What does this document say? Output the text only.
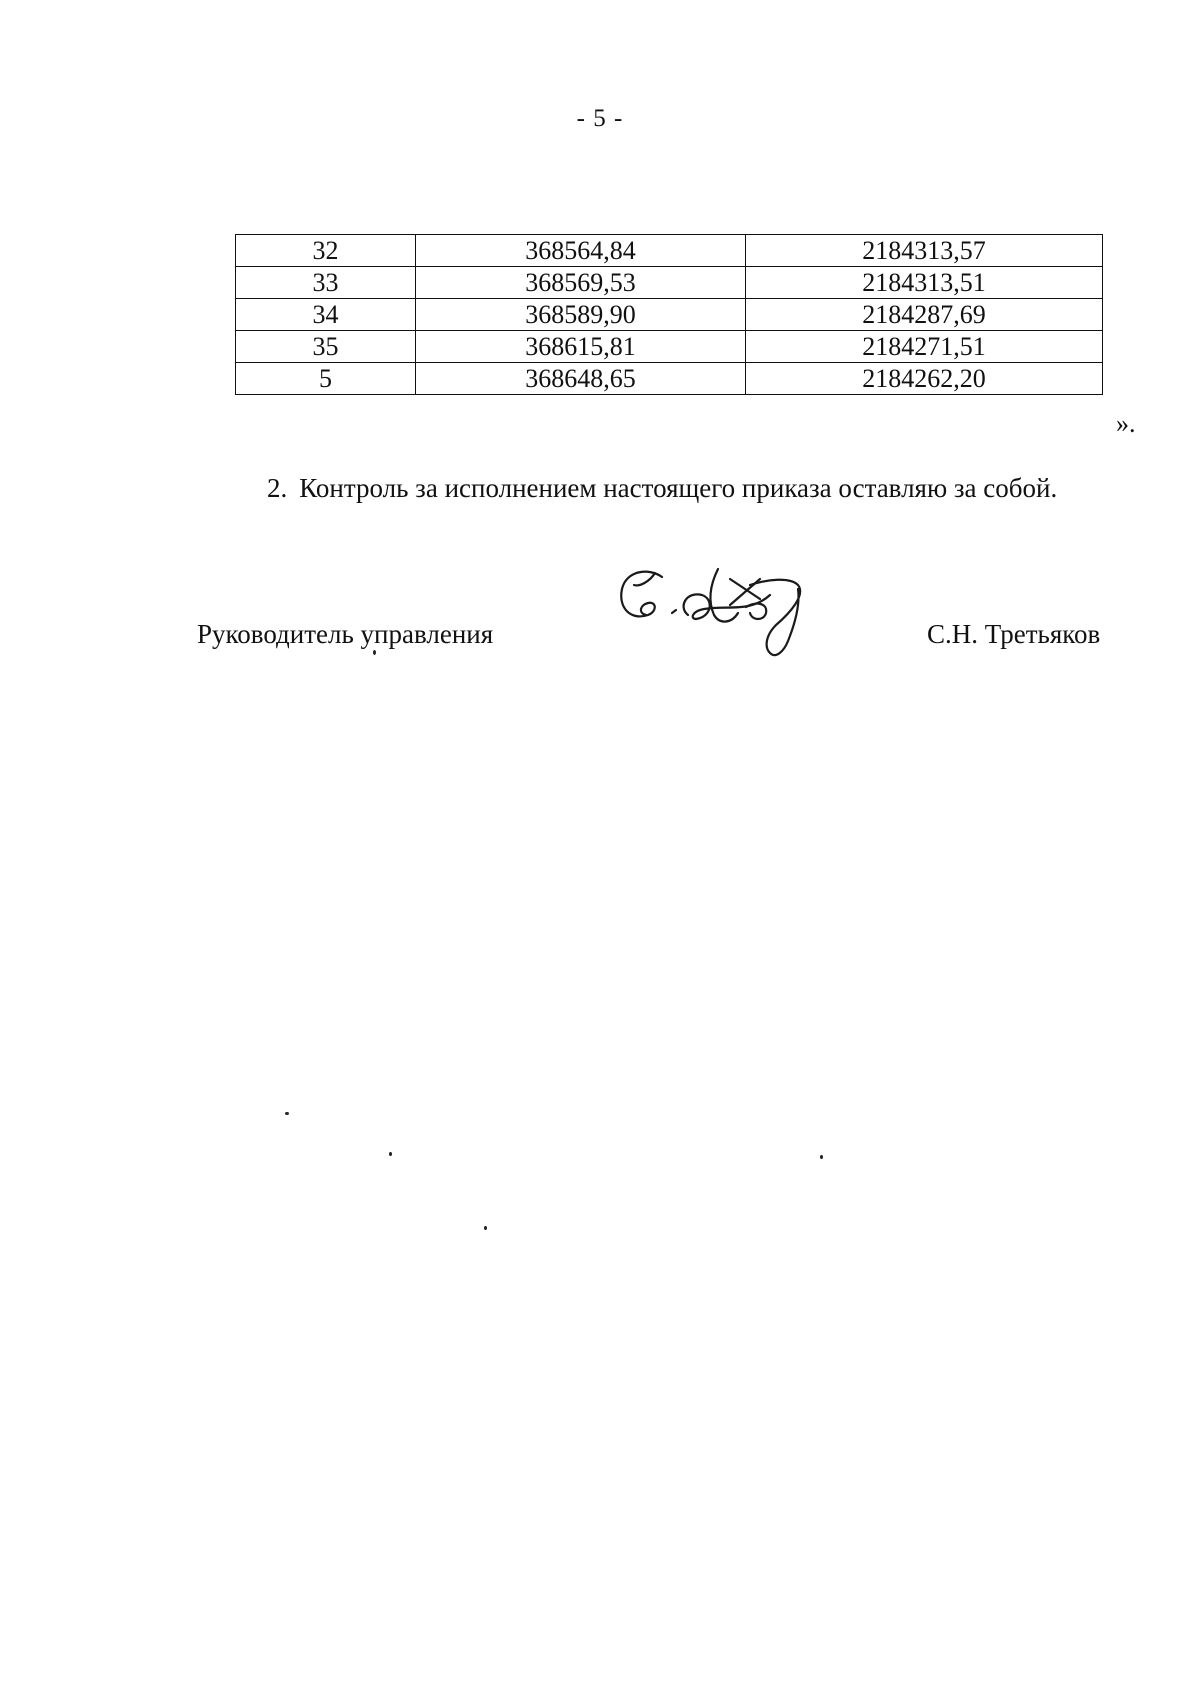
- 5 -
32	368564,84	2184313,57
33	368569,53	2184313,51
34	368589,90	2184287,69
35	368615,81	2184271,51
5	368648,65	2184262,20
».
2. Контроль за исполнением настоящего приказа оставляю за собой.
Руководитель управления	С.Н. Третьяков
